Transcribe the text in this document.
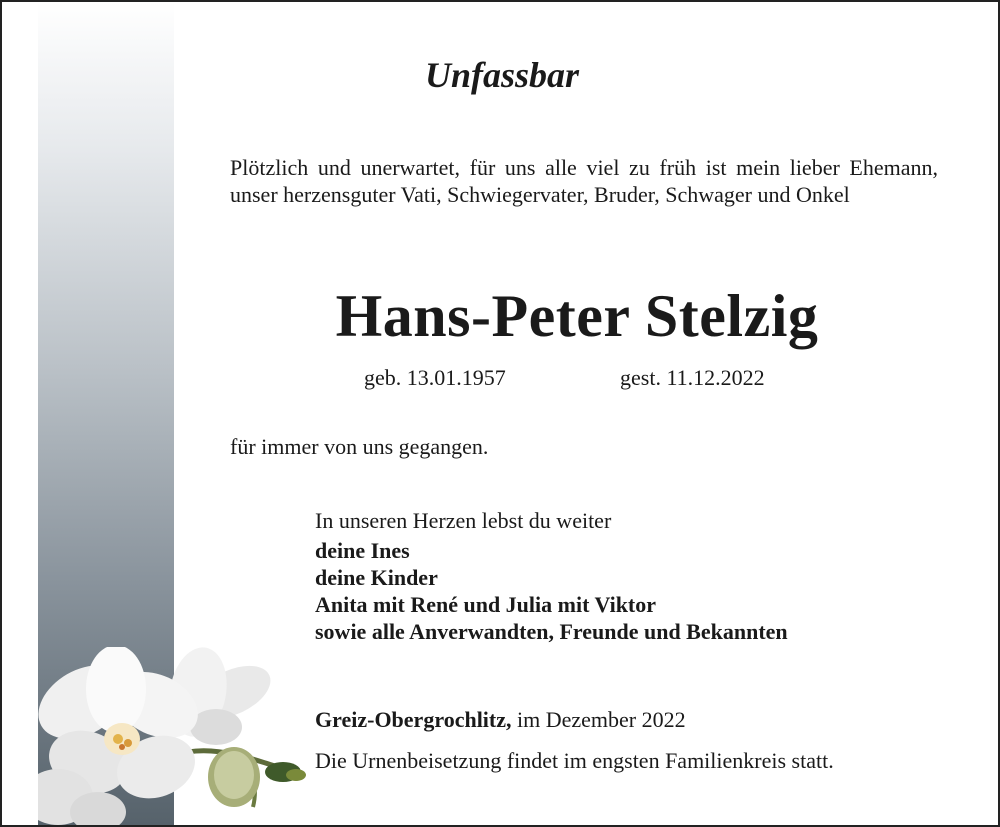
Unfassbar
Plötzlich und unerwartet, für uns alle viel zu früh ist mein lieber Ehemann, unser herzensguter Vati, Schwiegervater, Bruder, Schwager und Onkel
Hans-Peter Stelzig
geb. 13.01.1957	gest. 11.12.2022
für immer von uns gegangen.
In unseren Herzen lebst du weiter
deine Ines
deine Kinder
Anita mit René und Julia mit Viktor
sowie alle Anverwandten, Freunde und Bekannten
Greiz-Obergrochlitz, im Dezember 2022
Die Urnenbeisetzung findet im engsten Familienkreis statt.
